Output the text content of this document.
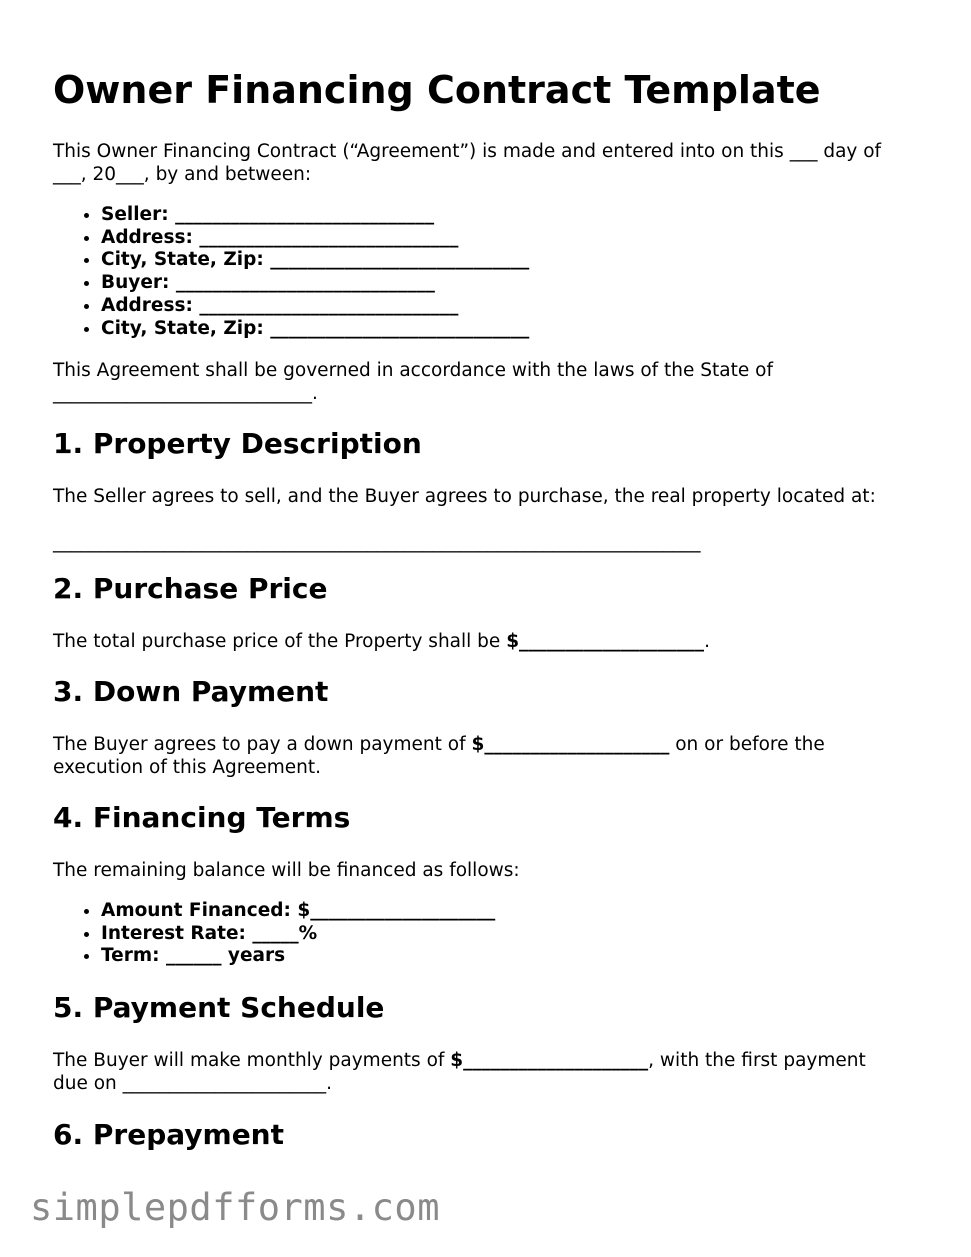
Owner Financing Contract Template

This Owner Financing Contract (“Agreement”) is made and entered into on this ___ day of
___, 20___, by and between:

• Seller: ____________________________
• Address: ____________________________
• City, State, Zip: ____________________________
• Buyer: ____________________________
• Address: ____________________________
• City, State, Zip: ____________________________

This Agreement shall be governed in accordance with the laws of the State of
____________________________.

1. Property Description

The Seller agrees to sell, and the Buyer agrees to purchase, the real property located at:

______________________________________________________________________
2. Purchase Price

The total purchase price of the Property shall be $____________________.

3. Down Payment

The Buyer agrees to pay a down payment of $____________________ on or before the
execution of this Agreement.

4. Financing Terms

The remaining balance will be financed as follows:

• Amount Financed: $____________________
• Interest Rate: _____%
• Term: ______ years
5. Payment Schedule

The Buyer will make monthly payments of $____________________, with the first payment
due on ______________________.

6. Prepayment
simplepdfforms.com
